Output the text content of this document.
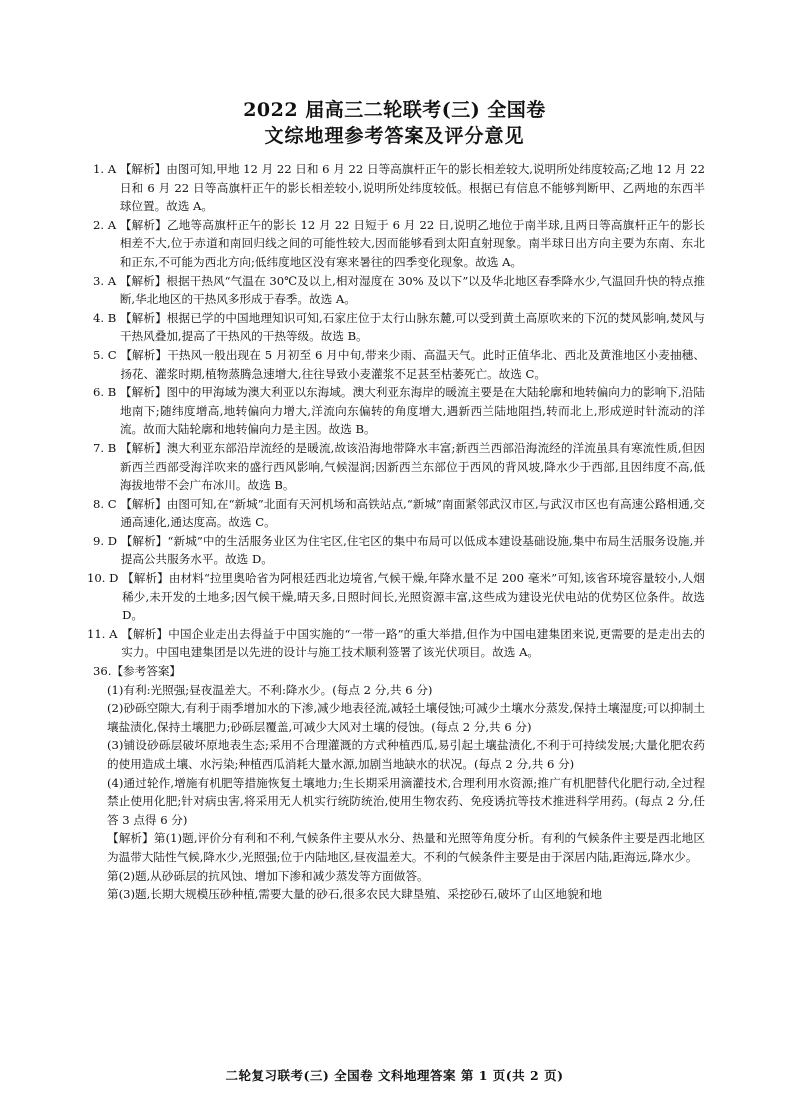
2022 届高三二轮联考(三) 全国卷
文综地理参考答案及评分意见
1. A 【解析】由图可知,甲地 12 月 22 日和 6 月 22 日等高旗杆正午的影长相差较大,说明所处纬度较高;乙地 12 月 22 日和 6 月 22 日等高旗杆正午的影长相差较小,说明所处纬度较低。根据已有信息不能够判断甲、乙两地的东西半球位置。故选 A。
2. A 【解析】乙地等高旗杆正午的影长 12 月 22 日短于 6 月 22 日,说明乙地位于南半球,且两日等高旗杆正午的影长相差不大,位于赤道和南回归线之间的可能性较大,因而能够看到太阳直射现象。南半球日出方向主要为东南、东北和正东,不可能为西北方向;低纬度地区没有寒来暑往的四季变化现象。故选 A。
3. A 【解析】根据干热风“气温在 30℃及以上,相对湿度在 30% 及以下”以及华北地区春季降水少,气温回升快的特点推断,华北地区的干热风多形成于春季。故选 A。
4. B 【解析】根据已学的中国地理知识可知,石家庄位于太行山脉东麓,可以受到黄土高原吹来的下沉的焚风影响,焚风与干热风叠加,提高了干热风的干热等级。故选 B。
5. C 【解析】干热风一般出现在 5 月初至 6 月中旬,带来少雨、高温天气。此时正值华北、西北及黄淮地区小麦抽穗、扬花、灌浆时期,植物蒸腾急速增大,往往导致小麦灌浆不足甚至枯萎死亡。故选 C。
6. B 【解析】图中的甲海域为澳大利亚以东海域。澳大利亚东海岸的暖流主要是在大陆轮廓和地转偏向力的影响下,沿陆地南下;随纬度增高,地转偏向力增大,洋流向东偏转的角度增大,遇新西兰陆地阻挡,转而北上,形成逆时针流动的洋流。故而大陆轮廓和地转偏向力是主因。故选 B。
7. B 【解析】澳大利亚东部沿岸流经的是暖流,故该沿海地带降水丰富;新西兰西部沿海流经的洋流虽具有寒流性质,但因新西兰西部受海洋吹来的盛行西风影响,气候湿润;因新西兰东部位于西风的背风坡,降水少于西部,且因纬度不高,低海拔地带不会广布冰川。故选 B。
8. C 【解析】由图可知,在“新城”北面有天河机场和高铁站点,“新城”南面紧邻武汉市区,与武汉市区也有高速公路相通,交通高速化,通达度高。故选 C。
9. D 【解析】“新城”中的生活服务业区为住宅区,住宅区的集中布局可以低成本建设基础设施,集中布局生活服务设施,并提高公共服务水平。故选 D。
10. D 【解析】由材料“拉里奥哈省为阿根廷西北边境省,气候干燥,年降水量不足 200 毫米”可知,该省环境容量较小,人烟稀少,未开发的土地多;因气候干燥,晴天多,日照时间长,光照资源丰富,这些成为建设光伏电站的优势区位条件。故选 D。
11. A 【解析】中国企业走出去得益于中国实施的“一带一路”的重大举措,但作为中国电建集团来说,更需要的是走出去的实力。中国电建集团是以先进的设计与施工技术顺利签署了该光伏项目。故选 A。
36.【参考答案】
(1)有利:光照强;昼夜温差大。不利:降水少。(每点 2 分,共 6 分)
(2)砂砾空隙大,有利于雨季增加水的下渗,减少地表径流,减轻土壤侵蚀;可减少土壤水分蒸发,保持土壤湿度;可以抑制土壤盐渍化,保持土壤肥力;砂砾层覆盖,可减少大风对土壤的侵蚀。(每点 2 分,共 6 分)
(3)铺设砂砾层破坏原地表生态;采用不合理灌溉的方式种植西瓜,易引起土壤盐渍化,不利于可持续发展;大量化肥农药的使用造成土壤、水污染;种植西瓜消耗大量水源,加剧当地缺水的状况。(每点 2 分,共 6 分)
(4)通过轮作,增施有机肥等措施恢复土壤地力;生长期采用滴灌技术,合理利用水资源;推广有机肥替代化肥行动,全过程禁止使用化肥;针对病虫害,将采用无人机实行统防统治,使用生物农药、免疫诱抗等技术推进科学用药。(每点 2 分,任答 3 点得 6 分)
【解析】第(1)题,评价分有利和不利,气候条件主要从水分、热量和光照等角度分析。有利的气候条件主要是西北地区为温带大陆性气候,降水少,光照强;位于内陆地区,昼夜温差大。不利的气候条件主要是由于深居内陆,距海远,降水少。
第(2)题,从砂砾层的抗风蚀、增加下渗和减少蒸发等方面做答。
第(3)题,长期大规模压砂种植,需要大量的砂石,很多农民大肆垦殖、采挖砂石,破坏了山区地貌和地
二轮复习联考(三) 全国卷 文科地理答案 第 1 页(共 2 页)
